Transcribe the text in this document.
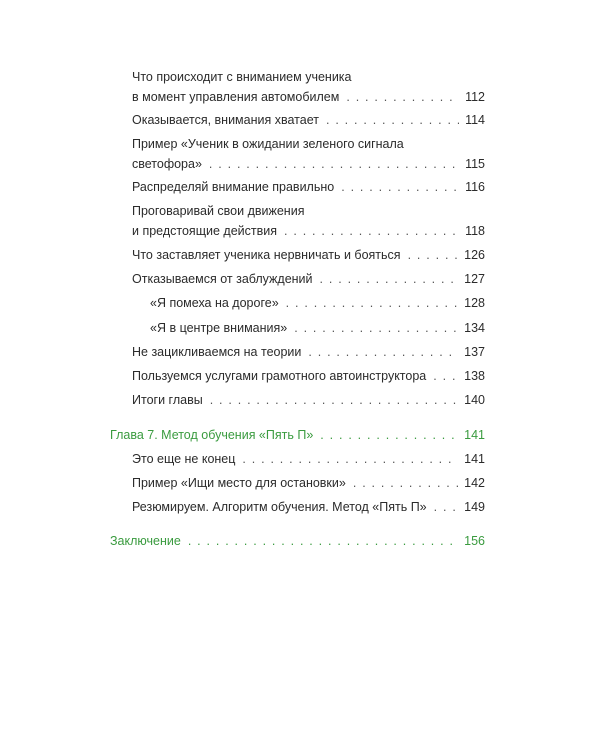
Что происходит с вниманием ученика
в момент управления автомобилем . . .	112
Оказывается, внимания хватает . . .	114
Пример «Ученик в ожидании зеленого сигнала
светофора» . . .	115
Распределяй внимание правильно . . .	116
Проговаривай свои движения
и предстоящие действия . . .	118
Что заставляет ученика нервничать и бояться . . .	126
Отказываемся от заблуждений . . .	127
«Я помеха на дороге» . . .	128
«Я в центре внимания» . . .	134
Не зацикливаемся на теории . . .	137
Пользуемся услугами грамотного автоинструктора . . .	138
Итоги главы . . .	140
Глава 7. Метод обучения «Пять П» . . .	141
Это еще не конец . . .	141
Пример «Ищи место для остановки» . . .	142
Резюмируем. Алгоритм обучения. Метод «Пять П» . . .	149
Заключение . . .	156
